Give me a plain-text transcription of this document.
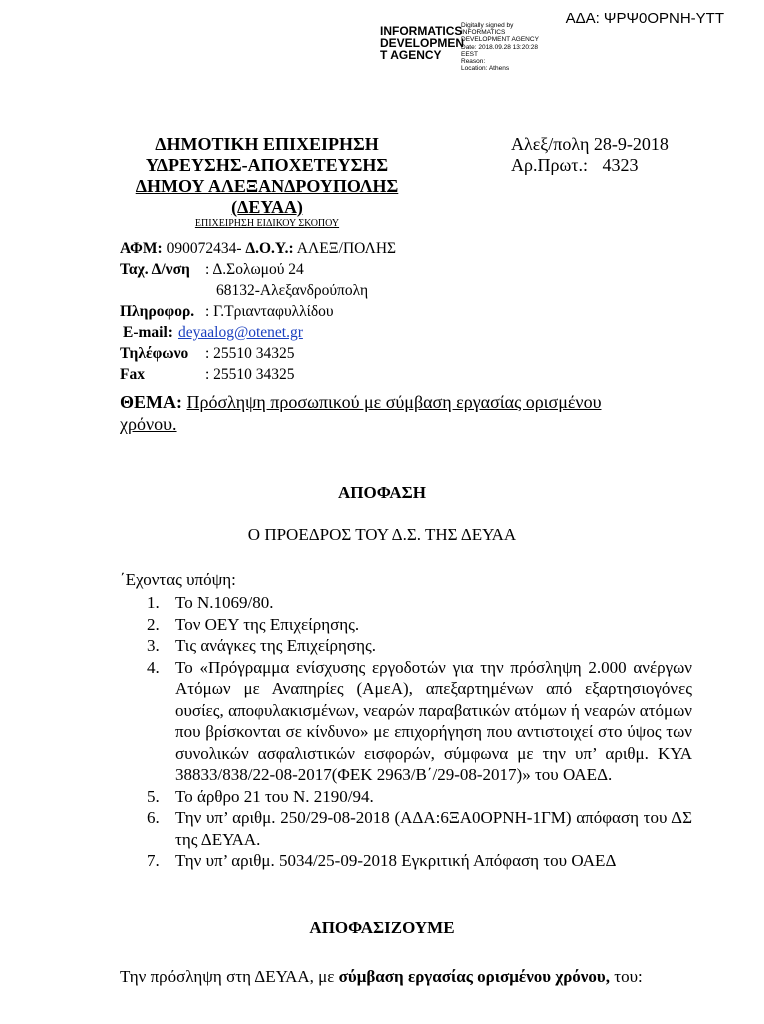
ΑΔΑ: ΨΡΨ0ΟΡΝΗ-ΥΤΤ
INFORMATICS
DEVELOPMEN
T AGENCY
Digitally signed by
INFORMATICS
DEVELOPMENT AGENCY
Date: 2018.09.28 13:20:28
EEST
Reason:
Location: Athens
ΔΗΜΟΤΙΚΗ ΕΠΙΧΕΙΡΗΣΗ
ΥΔΡΕΥΣΗΣ-ΑΠΟΧΕΤΕΥΣΗΣ
ΔΗΜΟΥ ΑΛΕΞΑΝΔΡΟΥΠΟΛΗΣ
(ΔΕΥΑΑ)
ΕΠΙΧΕΙΡΗΣΗ ΕΙΔΙΚΟΥ ΣΚΟΠΟΥ
Αλεξ/πολη 28-9-2018
Αρ.Πρωτ.: 4323
ΑΦΜ: 090072434- Δ.Ο.Υ.: ΑΛΕΞ/ΠΟΛΗΣ
Ταχ. Δ/νση : Δ.Σολωμού 24
68132-Αλεξανδρούπολη
Πληροφορ. : Γ.Τριανταφυλλίδου
E-mail: deyaalog@otenet.gr
Τηλέφωνο : 25510 34325
Fax	: 25510 34325
ΘΕΜΑ: Πρόσληψη προσωπικού με σύμβαση εργασίας ορισμένου
χρόνου.
ΑΠΟΦΑΣΗ
Ο ΠΡΟΕΔΡΟΣ ΤΟΥ Δ.Σ. ΤΗΣ ΔΕΥΑΑ
΄Εχοντας υπόψη:
1. Το Ν.1069/80.
2. Τον ΟΕΥ της Επιχείρησης.
3. Τις ανάγκες της Επιχείρησης.
4. Το «Πρόγραμμα ενίσχυσης εργοδοτών για την πρόσληψη 2.000 ανέργων Ατόμων με Αναπηρίες (ΑμεΑ), απεξαρτημένων από εξαρτησιογόνες ουσίες, αποφυλακισμένων, νεαρών παραβατικών ατόμων ή νεαρών ατόμων που βρίσκονται σε κίνδυνο» με επιχορήγηση που αντιστοιχεί στο ύψος των συνολικών ασφαλιστικών εισφορών, σύμφωνα με την υπ’ αριθμ. ΚΥΑ 38833/838/22-08-2017(ΦΕΚ 2963/Β΄/29-08-2017)» του ΟΑΕΔ.
5. Το άρθρο 21 του Ν. 2190/94.
6. Την υπ’ αριθμ. 250/29-08-2018 (ΑΔΑ:6ΞΑ0ΟΡΝΗ-1ΓΜ) απόφαση του ΔΣ της ΔΕΥΑΑ.
7. Την υπ’ αριθμ. 5034/25-09-2018 Εγκριτική Απόφαση του ΟΑΕΔ
ΑΠΟΦΑΣΙΖΟΥΜΕ
Την πρόσληψη στη ΔΕΥΑΑ, με σύμβαση εργασίας ορισμένου χρόνου, του:
